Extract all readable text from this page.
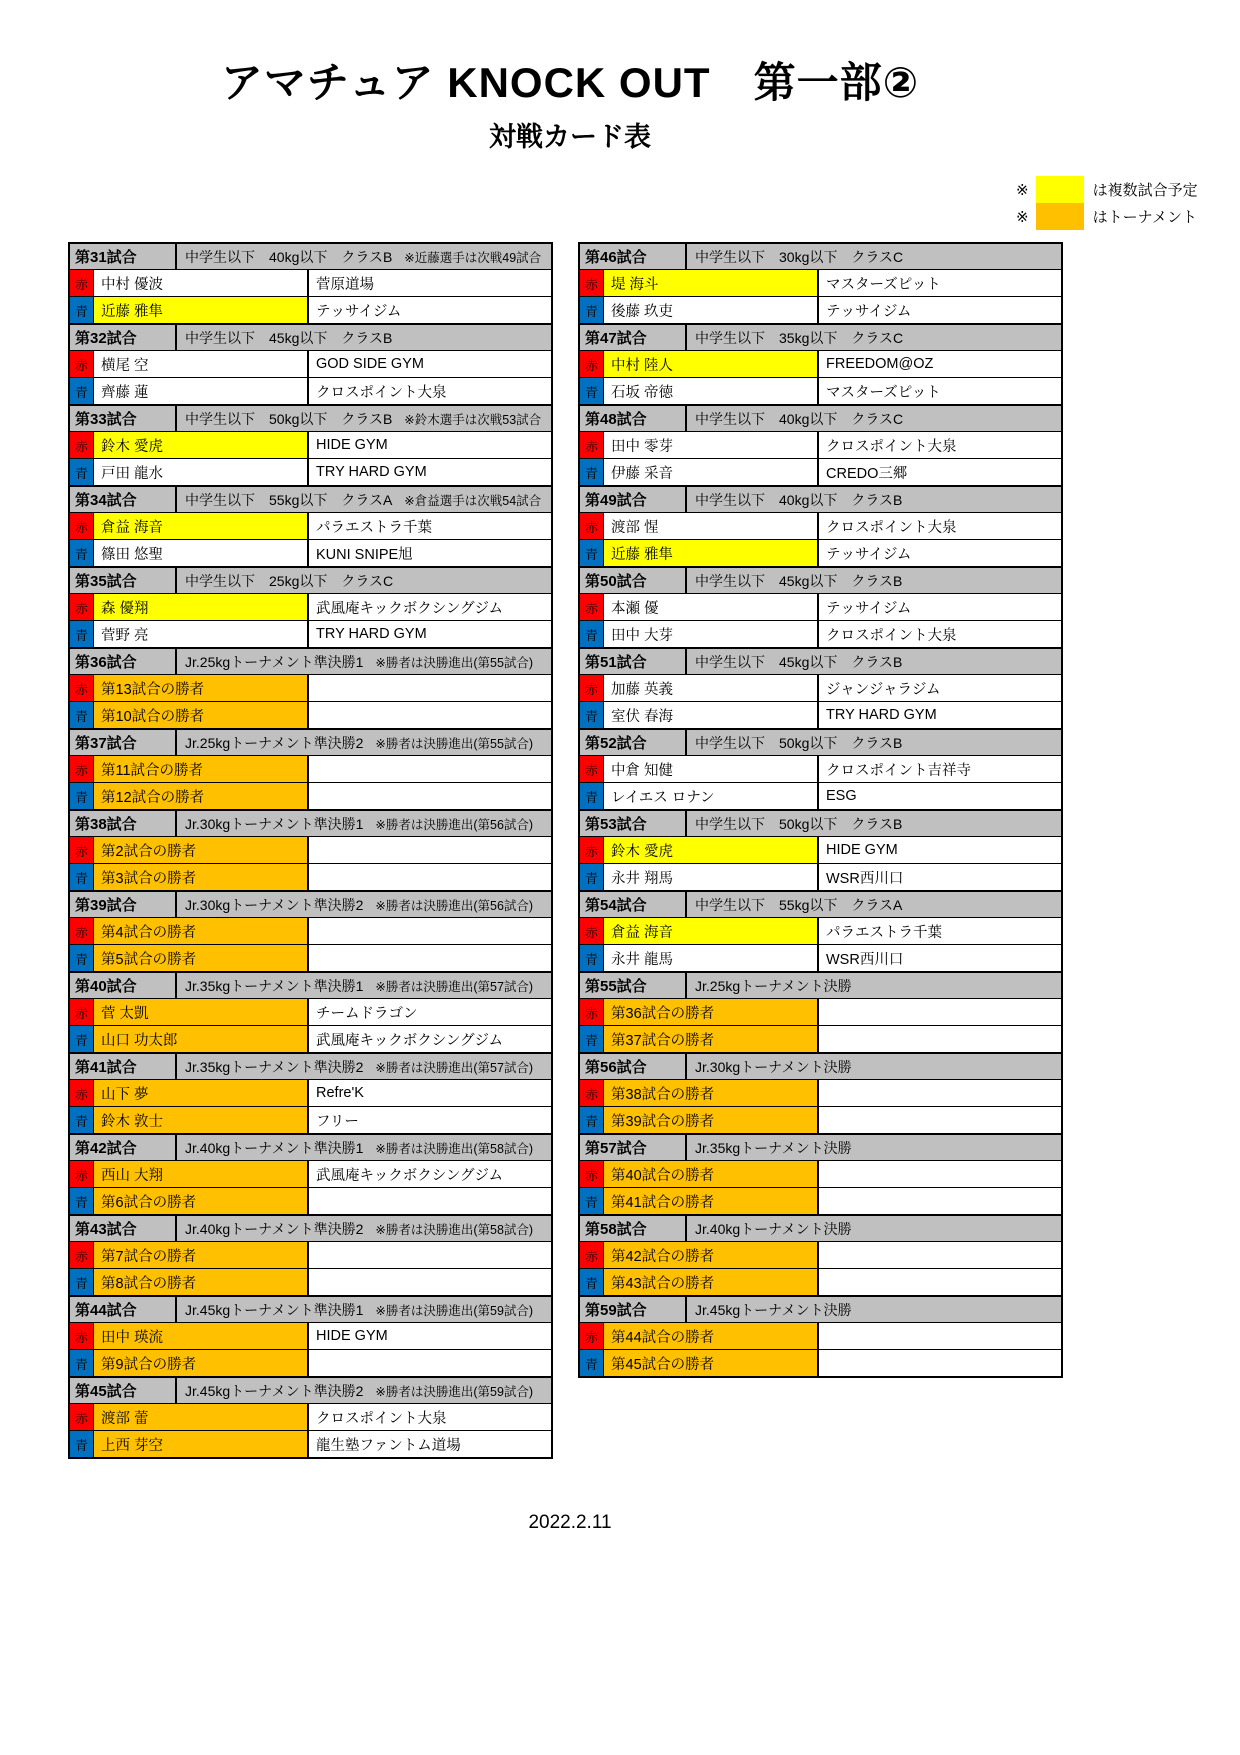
アマチュア KNOCK OUT　第一部②
対戦カード表
※	は複数試合予定
※	はトーナメント
第31試合	中学生以下　40kg以下　クラスB ※近藤選手は次戦49試合
赤 中村 優波	菅原道場
青 近藤 雅隼	テッサイジム
第32試合	中学生以下　45kg以下　クラスB
赤 横尾 空	GOD SIDE GYM
青 齊藤 蓮	クロスポイント大泉
第33試合	中学生以下　50kg以下　クラスB ※鈴木選手は次戦53試合
赤 鈴木 愛虎	HIDE GYM
青 戸田 龍水	TRY HARD GYM
第34試合	中学生以下　55kg以下　クラスA ※倉益選手は次戦54試合
赤 倉益 海音	パラエストラ千葉
青 篠田 悠聖	KUNI SNIPE旭
第35試合	中学生以下　25kg以下　クラスC
赤 森 優翔	武風庵キックボクシングジム
青 菅野 亮	TRY HARD GYM
第36試合	Jr.25kgトーナメント準決勝1 ※勝者は決勝進出(第55試合)
赤 第13試合の勝者
青 第10試合の勝者
第37試合	Jr.25kgトーナメント準決勝2 ※勝者は決勝進出(第55試合)
赤 第11試合の勝者
青 第12試合の勝者
第38試合	Jr.30kgトーナメント準決勝1 ※勝者は決勝進出(第56試合)
赤 第2試合の勝者
青 第3試合の勝者
第39試合	Jr.30kgトーナメント準決勝2 ※勝者は決勝進出(第56試合)
赤 第4試合の勝者
青 第5試合の勝者
第40試合	Jr.35kgトーナメント準決勝1 ※勝者は決勝進出(第57試合)
赤 菅 太凱	チームドラゴン
青 山口 功太郎	武風庵キックボクシングジム
第41試合	Jr.35kgトーナメント準決勝2 ※勝者は決勝進出(第57試合)
赤 山下 夢	Refre'K
青 鈴木 敦士	フリー
第42試合	Jr.40kgトーナメント準決勝1 ※勝者は決勝進出(第58試合)
赤 西山 大翔	武風庵キックボクシングジム
青 第6試合の勝者
第43試合	Jr.40kgトーナメント準決勝2 ※勝者は決勝進出(第58試合)
赤 第7試合の勝者
青 第8試合の勝者
第44試合	Jr.45kgトーナメント準決勝1 ※勝者は決勝進出(第59試合)
赤 田中 瑛流	HIDE GYM
青 第9試合の勝者
第45試合	Jr.45kgトーナメント準決勝2 ※勝者は決勝進出(第59試合)
赤 渡部 蕾	クロスポイント大泉
青 上西 芽空	龍生塾ファントム道場
第46試合	中学生以下　30kg以下　クラスC
赤 堤 海斗	マスターズピット
青 後藤 玖吏	テッサイジム
第47試合	中学生以下　35kg以下　クラスC
赤 中村 陸人	FREEDOM@OZ
青 石坂 帝徳	マスターズピット
第48試合	中学生以下　40kg以下　クラスC
赤 田中 零芽	クロスポイント大泉
青 伊藤 采音	CREDO三郷
第49試合	中学生以下　40kg以下　クラスB
赤 渡部 惺	クロスポイント大泉
青 近藤 雅隼	テッサイジム
第50試合	中学生以下　45kg以下　クラスB
赤 本瀬 優	テッサイジム
青 田中 大芽	クロスポイント大泉
第51試合	中学生以下　45kg以下　クラスB
赤 加藤 英義	ジャンジャラジム
青 室伏 春海	TRY HARD GYM
第52試合	中学生以下　50kg以下　クラスB
赤 中倉 知健	クロスポイント吉祥寺
青 レイエス ロナン	ESG
第53試合	中学生以下　50kg以下　クラスB
赤 鈴木 愛虎	HIDE GYM
青 永井 翔馬	WSR西川口
第54試合	中学生以下　55kg以下　クラスA
赤 倉益 海音	パラエストラ千葉
青 永井 龍馬	WSR西川口
第55試合	Jr.25kgトーナメント決勝
赤 第36試合の勝者
青 第37試合の勝者
第56試合	Jr.30kgトーナメント決勝
赤 第38試合の勝者
青 第39試合の勝者
第57試合	Jr.35kgトーナメント決勝
赤 第40試合の勝者
青 第41試合の勝者
第58試合	Jr.40kgトーナメント決勝
赤 第42試合の勝者
青 第43試合の勝者
第59試合	Jr.45kgトーナメント決勝
赤 第44試合の勝者
青 第45試合の勝者
2022.2.11
